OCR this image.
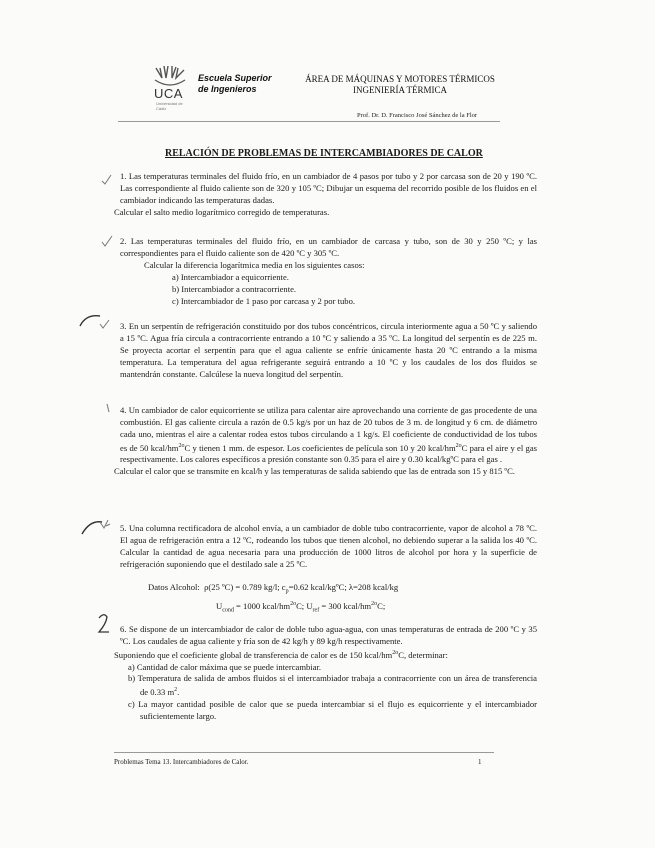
UCA
Universidad de Cádiz
Escuela Superior
de Ingenieros
ÁREA DE MÁQUINAS Y MOTORES TÉRMICOS
INGENIERÍA TÉRMICA
Prof. Dr. D. Francisco José Sánchez de la Flor
RELACIÓN DE PROBLEMAS DE INTERCAMBIADORES DE CALOR

1. Las temperaturas terminales del fluido frío, en un cambiador de 4 pasos por tubo y 2 por carcasa son de 20 y 190 ºC. Las correspondiente al fluido caliente son de 320 y 105 ºC; Dibujar un esquema del recorrido posible de los fluidos en el cambiador indicando las temperaturas dadas.

Calcular el salto medio logarítmico corregido de temperaturas.

2. Las temperaturas terminales del fluido frío, en un cambiador de carcasa y tubo, son de 30 y 250 ºC; y las correspondientes para el fluido caliente son de 420 ºC y 305 ºC.

Calcular la diferencia logarítmica media en los siguientes casos:

a) Intercambiador a equicorriente.
b) Intercambiador a contracorriente.
c) Intercambiador de 1 paso por carcasa y 2 por tubo.

3. En un serpentín de refrigeración constituido por dos tubos concéntricos, circula interiormente agua a 50 ºC y saliendo a 15 ºC. Agua fría circula a contracorriente entrando a 10 ºC y saliendo a 35 ºC. La longitud del serpentín es de 225 m. Se proyecta acortar el serpentín para que el agua caliente se enfríe únicamente hasta 20 ºC entrando a la misma temperatura. La temperatura del agua refrigerante seguirá entrando a 10 ºC y los caudales de los dos fluidos se mantendrán constante. Calcúlese la nueva longitud del serpentín.

4. Un cambiador de calor equicorriente se utiliza para calentar aire aprovechando una corriente de gas procedente de una combustión. El gas caliente circula a razón de 0.5 kg/s por un haz de 20 tubos de 3 m. de longitud y 6 cm. de diámetro cada uno, mientras el aire a calentar rodea estos tubos circulando a 1 kg/s. El coeficiente de conductividad de los tubos es de 50 kcal/$hm^{2o}C$ y tienen 1 mm. de espesor. Los coeficientes de película son 10 y 20 kcal/$hm^{2o}C$ para el aire y el gas respectivamente. Los calores específicos a presión constante son 0.35 para el aire y 0.30 kcal/kgºC para el gas .

Calcular el calor que se transmite en kcal/h y las temperaturas de salida sabiendo que las de entrada son 15 y 815 ºC.

5. Una columna rectificadora de alcohol envía, a un cambiador de doble tubo contracorriente, vapor de alcohol a 78 ºC. El agua de refrigeración entra a 12 ºC, rodeando los tubos que tienen alcohol, no debiendo superar a la salida los 40 ºC. Calcular la cantidad de agua necesaria para una producción de 1000 litros de alcohol por hora y la superficie de refrigeración suponiendo que el destilado sale a 25 ºC.

Datos Alcohol: ρ(25 ºC) = 0.789 kg/l; $c_p=0.62$ kcal/kgºC; λ=208 kcal/kg
$U_{cond} = 1000$ kcal/$hm^{2o}C$; $U_{ref} = 300$ kcal/$hm^{2o}C$;

6. Se dispone de un intercambiador de calor de doble tubo agua-agua, con unas temperaturas de entrada de 200 ºC y 35 ºC. Los caudales de agua caliente y fría son de 42 kg/h y 89 kg/h respectivamente.

Suponiendo que el coeficiente global de transferencia de calor es de 150 kcal/$hm^{2o}C$, determinar:

a) Cantidad de calor máxima que se puede intercambiar.
b) Temperatura de salida de ambos fluidos si el intercambiador trabaja a contracorriente con un área de transferencia de 0.33 $m^2$.
c) La mayor cantidad posible de calor que se pueda intercambiar si el flujo es equicorriente y el intercambiador suficientemente largo.
Problemas Tema 13. Intercambiadores de Calor.	1
